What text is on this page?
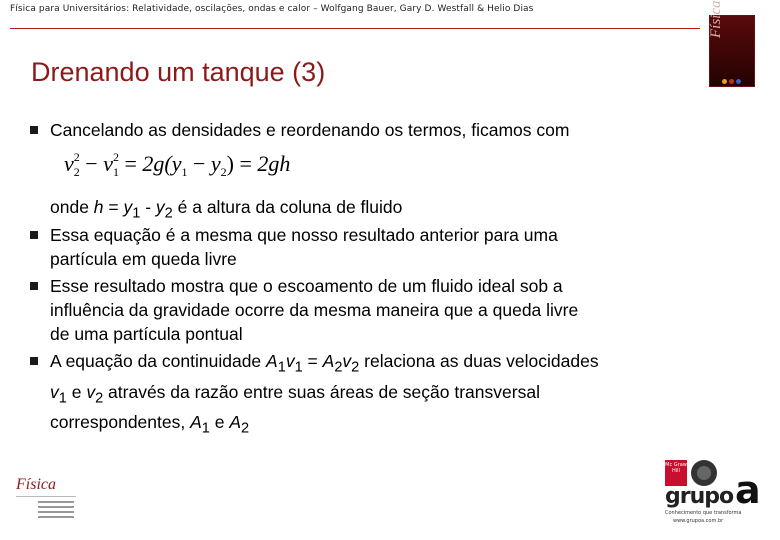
Física para Universitários: Relatividade, oscilações, ondas e calor – Wolfgang Bauer, Gary D. Westfall & Helio Dias	Física
Drenando um tanque (3)
Cancelando as densidades e reordenando os termos, ficamos com
onde $h = y_1 - y_2$ é a altura da coluna de fluido
Essa equação é a mesma que nosso resultado anterior para uma
partícula em queda livre
Esse resultado mostra que o escoamento de um fluido ideal sob a
influência da gravidade ocorre da mesma maneira que a queda livre
de uma partícula pontual
A equação da continuidade $A_1v_1 = A_2v_2$ relaciona as duas velocidades
$v_1$ e $v_2$ através da razão entre suas áreas de seção transversal
correspondentes, $A_1$ e $A_2$
$v_2^2 - v_1^2 = 2g(y_1 - y_2) = 2gh$
Física
Mc Graw Hill
grupo a
Conhecimento que transforma
www.grupoa.com.br
